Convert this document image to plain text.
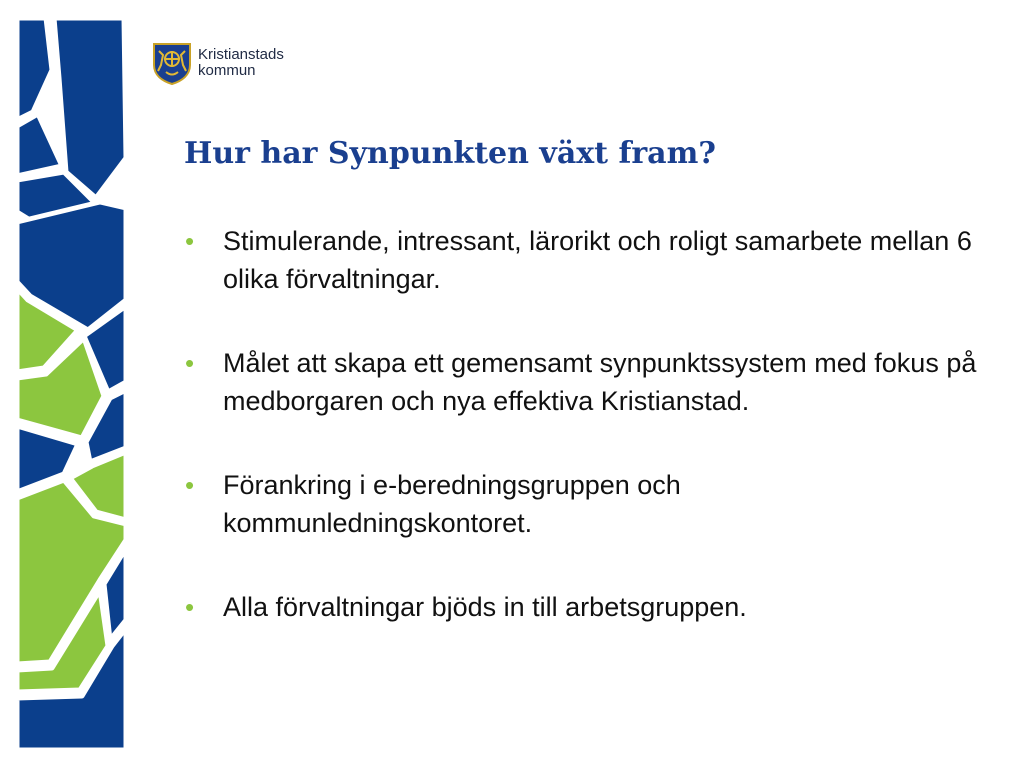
Kristianstads
kommun
Hur har Synpunkten växt fram?
• Stimulerande, intressant, lärorikt och roligt samarbete mellan 6 olika förvaltningar.
• Målet att skapa ett gemensamt synpunktssystem med fokus på medborgaren och nya effektiva Kristianstad.
• Förankring i e-beredningsgruppen och kommunledningskontoret.
• Alla förvaltningar bjöds in till arbetsgruppen.
